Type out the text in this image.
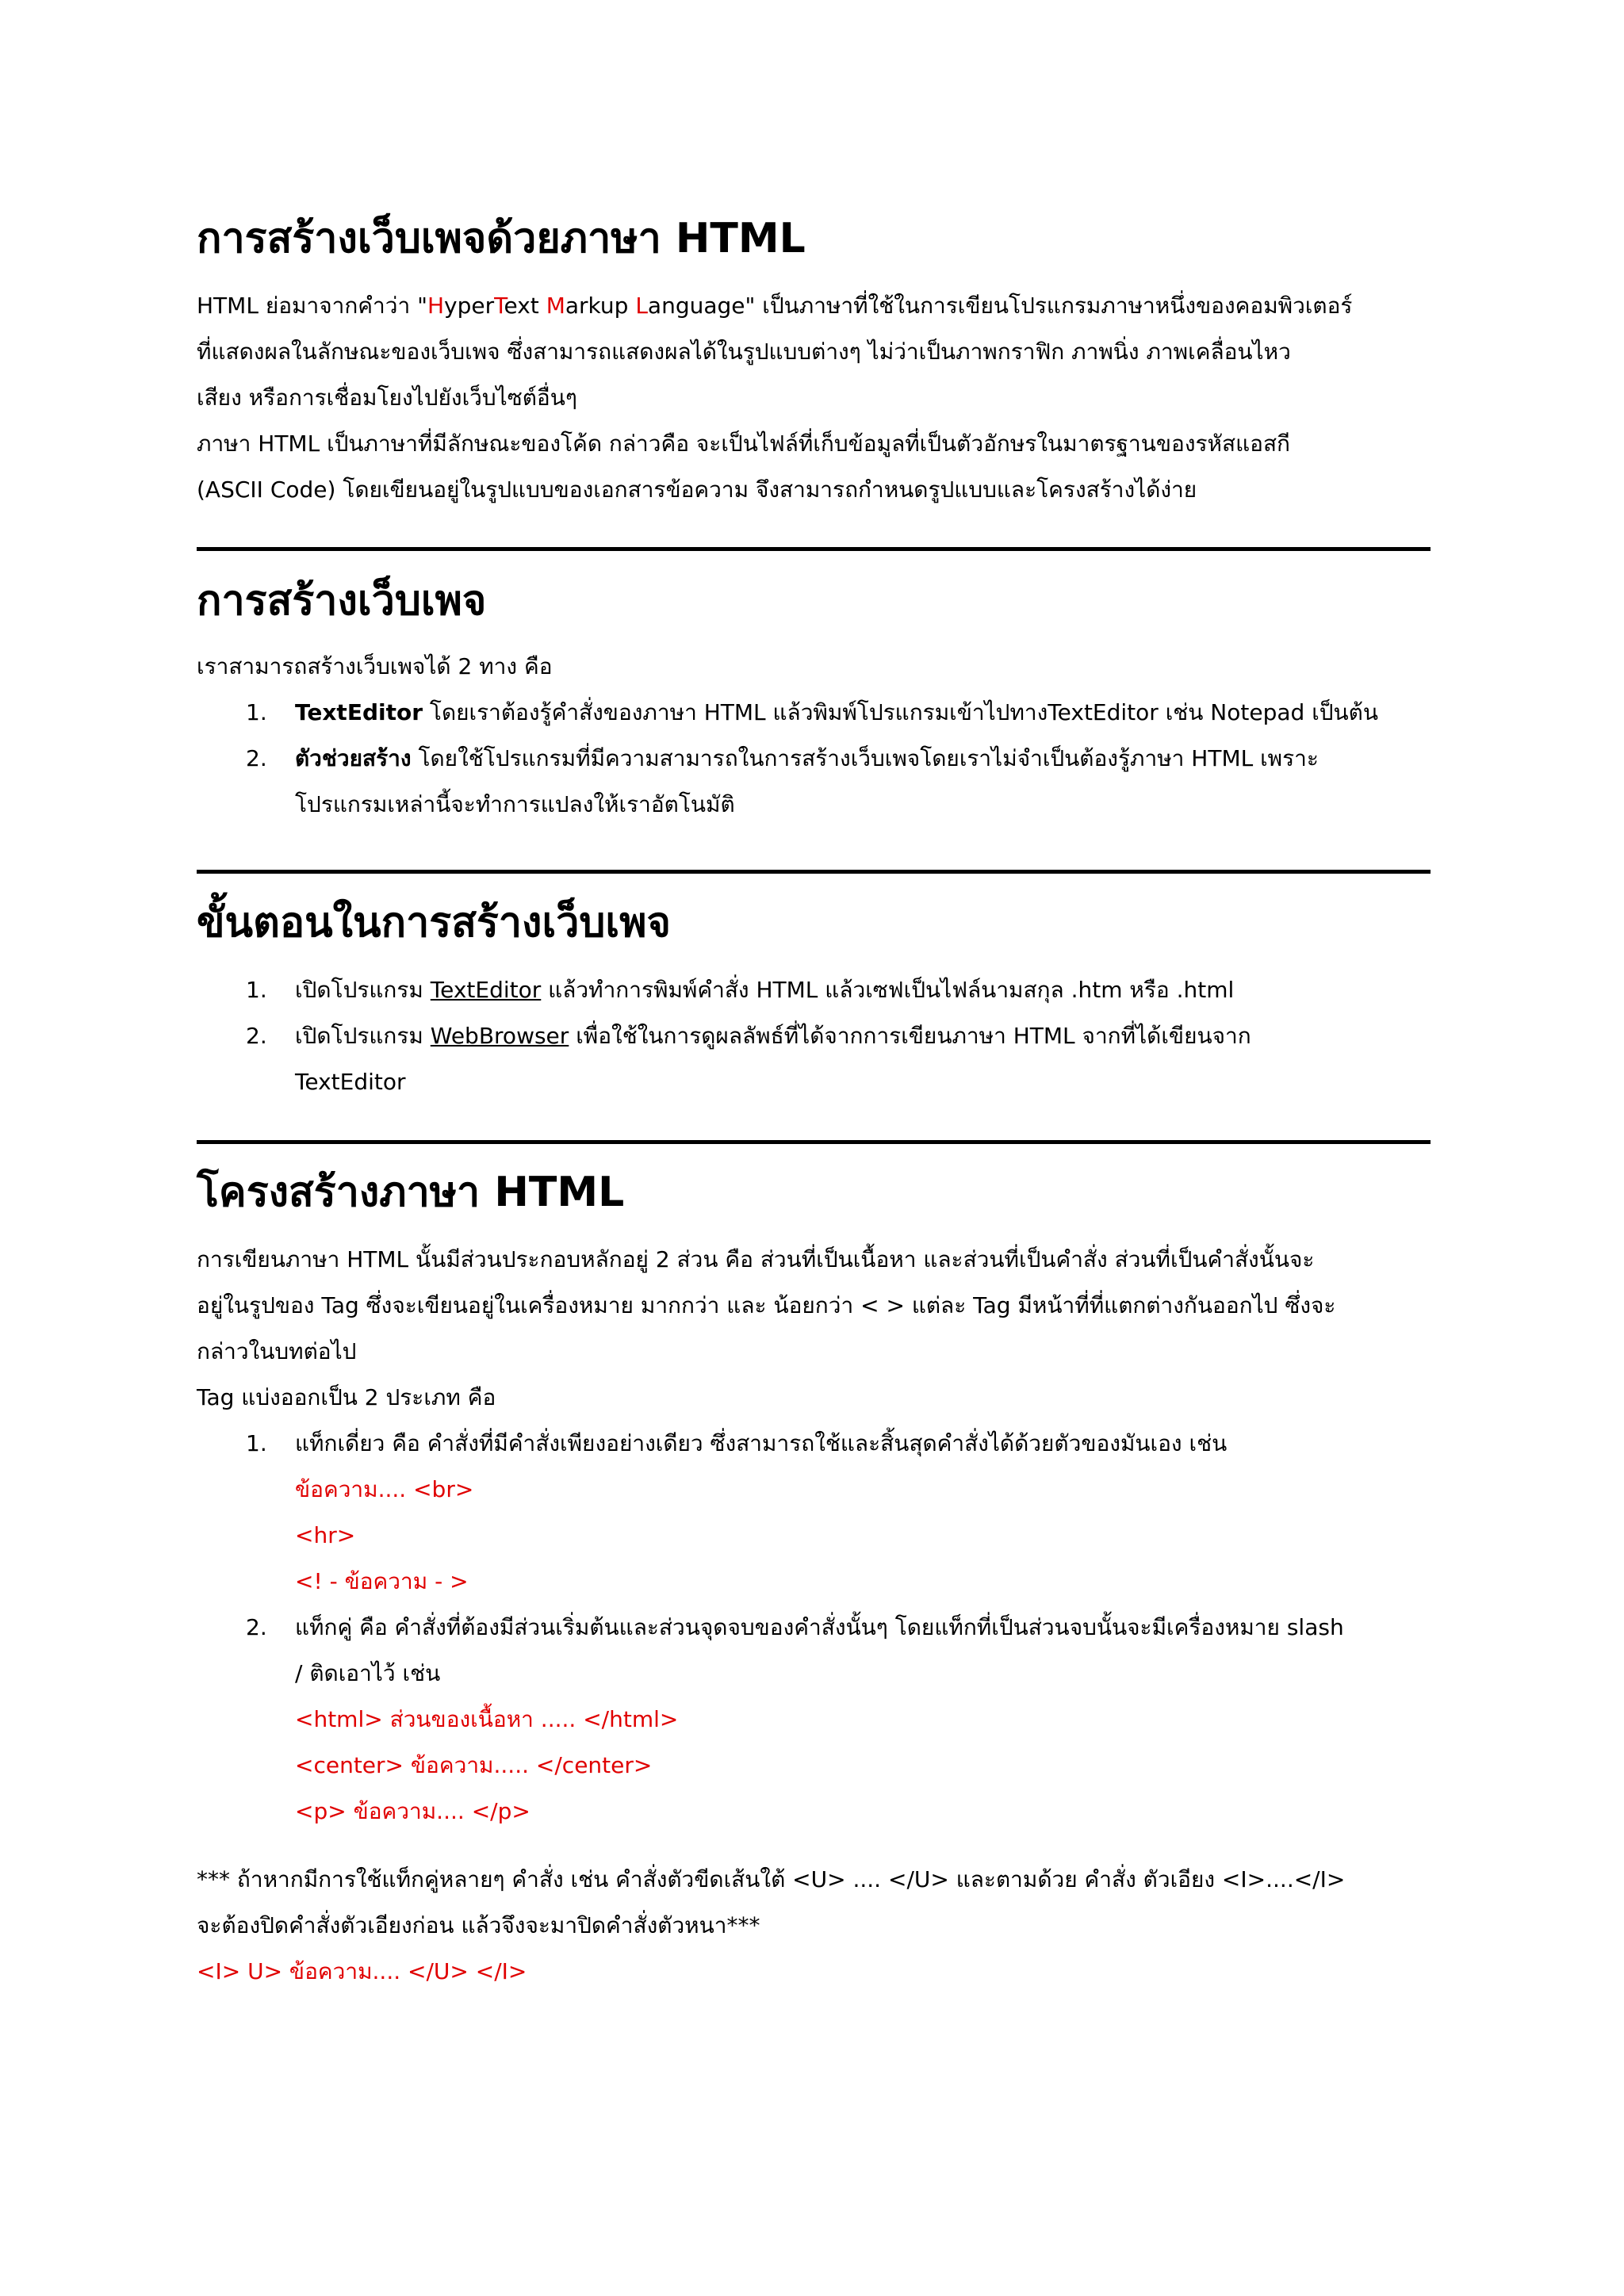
การสร้างเว็บเพจด้วยภาษา HTML
HTML ย่อมาจากคำว่า "HyperText Markup Language" เป็นภาษาที่ใช้ในการเขียนโปรแกรมภาษาหนึ่งของคอมพิวเตอร์
ที่แสดงผลในลักษณะของเว็บเพจ ซึ่งสามารถแสดงผลได้ในรูปแบบต่างๆ ไม่ว่าเป็นภาพกราฟิก ภาพนิ่ง ภาพเคลื่อนไหว
เสียง หรือการเชื่อมโยงไปยังเว็บไซต์อื่นๆ
ภาษา HTML เป็นภาษาที่มีลักษณะของโค้ด กล่าวคือ จะเป็นไฟล์ที่เก็บข้อมูลที่เป็นตัวอักษรในมาตรฐานของรหัสแอสกี
(ASCII Code) โดยเขียนอยู่ในรูปแบบของเอกสารข้อความ จึงสามารถกำหนดรูปแบบและโครงสร้างได้ง่าย
การสร้างเว็บเพจ
เราสามารถสร้างเว็บเพจได้ 2 ทาง คือ
1. TextEditor โดยเราต้องรู้คำสั่งของภาษา HTML แล้วพิมพ์โปรแกรมเข้าไปทางTextEditor เช่น Notepad เป็นต้น
2. ตัวช่วยสร้าง โดยใช้โปรแกรมที่มีความสามารถในการสร้างเว็บเพจโดยเราไม่จำเป็นต้องรู้ภาษา HTML เพราะ
โปรแกรมเหล่านี้จะทำการแปลงให้เราอัตโนมัติ
ขั้นตอนในการสร้างเว็บเพจ
1. เปิดโปรแกรม TextEditor แล้วทำการพิมพ์คำสั่ง HTML แล้วเซฟเป็นไฟล์นามสกุล .htm หรือ .html
2. เปิดโปรแกรม WebBrowser เพื่อใช้ในการดูผลลัพธ์ที่ได้จากการเขียนภาษา HTML จากที่ได้เขียนจาก
TextEditor
โครงสร้างภาษา HTML
การเขียนภาษา HTML นั้นมีส่วนประกอบหลักอยู่ 2 ส่วน คือ ส่วนที่เป็นเนื้อหา และส่วนที่เป็นคำสั่ง ส่วนที่เป็นคำสั่งนั้นจะ
อยู่ในรูปของ Tag ซึ่งจะเขียนอยู่ในเครื่องหมาย มากกว่า และ น้อยกว่า < > แต่ละ Tag มีหน้าที่ที่แตกต่างกันออกไป ซึ่งจะ
กล่าวในบทต่อไป
Tag แบ่งออกเป็น 2 ประเภท คือ
1. แท็กเดี่ยว คือ คำสั่งที่มีคำสั่งเพียงอย่างเดียว ซึ่งสามารถใช้และสิ้นสุดคำสั่งได้ด้วยตัวของมันเอง เช่น
ข้อความ.... <br>
<hr>
<! - ข้อความ - >
2. แท็กคู่ คือ คำสั่งที่ต้องมีส่วนเริ่มต้นและส่วนจุดจบของคำสั่งนั้นๆ โดยแท็กที่เป็นส่วนจบนั้นจะมีเครื่องหมาย slash
/ ติดเอาไว้ เช่น
<html> ส่วนของเนื้อหา ..... </html>
<center> ข้อความ..... </center>
<p> ข้อความ.... </p>
*** ถ้าหากมีการใช้แท็กคู่หลายๆ คำสั่ง เช่น คำสั่งตัวขีดเส้นใต้ <U> .... </U> และตามด้วย คำสั่ง ตัวเอียง <I>....</I>
จะต้องปิดคำสั่งตัวเอียงก่อน แล้วจึงจะมาปิดคำสั่งตัวหนา***
<I> U> ข้อความ.... </U> </I>
